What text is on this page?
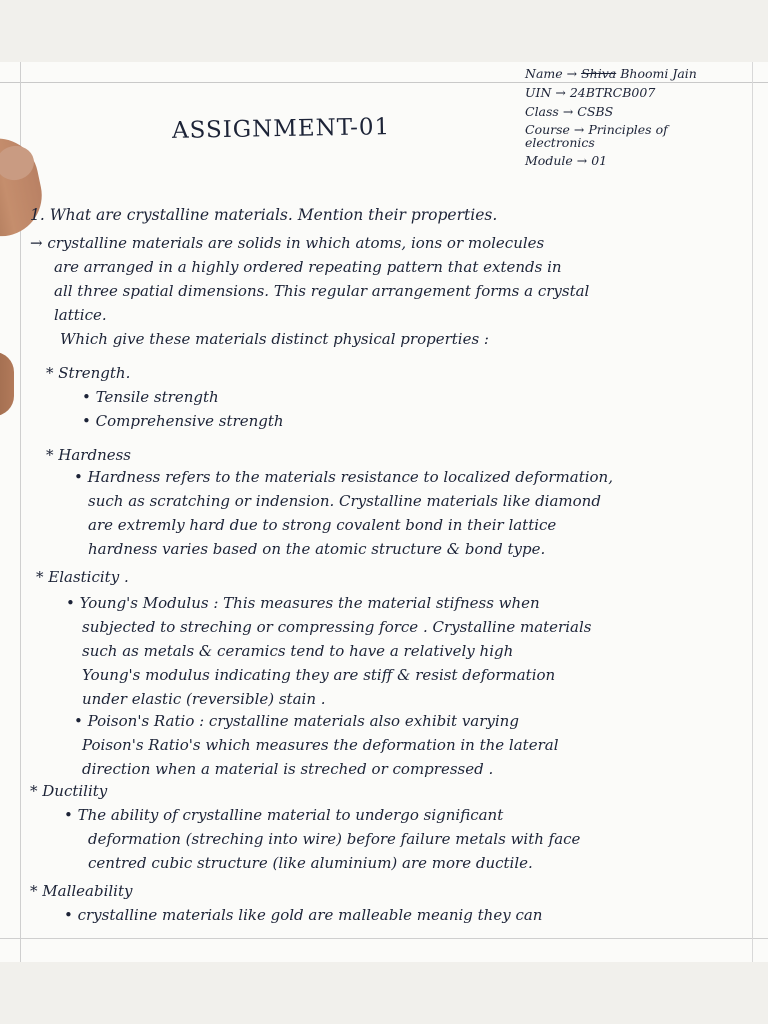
Name → Shiva Bhoomi Jain
UIN → 24BTRCB007
Class → CSBS
Course → Principles of electronics
Module → 01
ASSIGNMENT-01
1. What are crystalline materials. Mention their properties.
→ crystalline materials are solids in which atoms, ions or molecules
are arranged in a highly ordered repeating pattern that extends in
all three spatial dimensions. This regular arrangement forms a crystal
lattice.
Which give these materials distinct physical properties :
* Strength.
• Tensile strength
• Comprehensive strength
* Hardness
• Hardness refers to the materials resistance to localized deformation,
such as scratching or indension. Crystalline materials like diamond
are extremly hard due to strong covalent bond in their lattice
hardness varies based on the atomic structure & bond type.
* Elasticity .
• Young's Modulus : This measures the material stifness when
subjected to streching or compressing force . Crystalline materials
such as metals & ceramics tend to have a relatively high
Young's modulus indicating they are stiff & resist deformation
under elastic (reversible) stain .
• Poison's Ratio : crystalline materials also exhibit varying
Poison's Ratio's which measures the deformation in the lateral
direction when a material is streched or compressed .
* Ductility
• The ability of crystalline material to undergo significant
deformation (streching into wire) before failure metals with face
centred cubic structure (like aluminium) are more ductile.
* Malleability
• crystalline materials like gold are malleable meanig they can
